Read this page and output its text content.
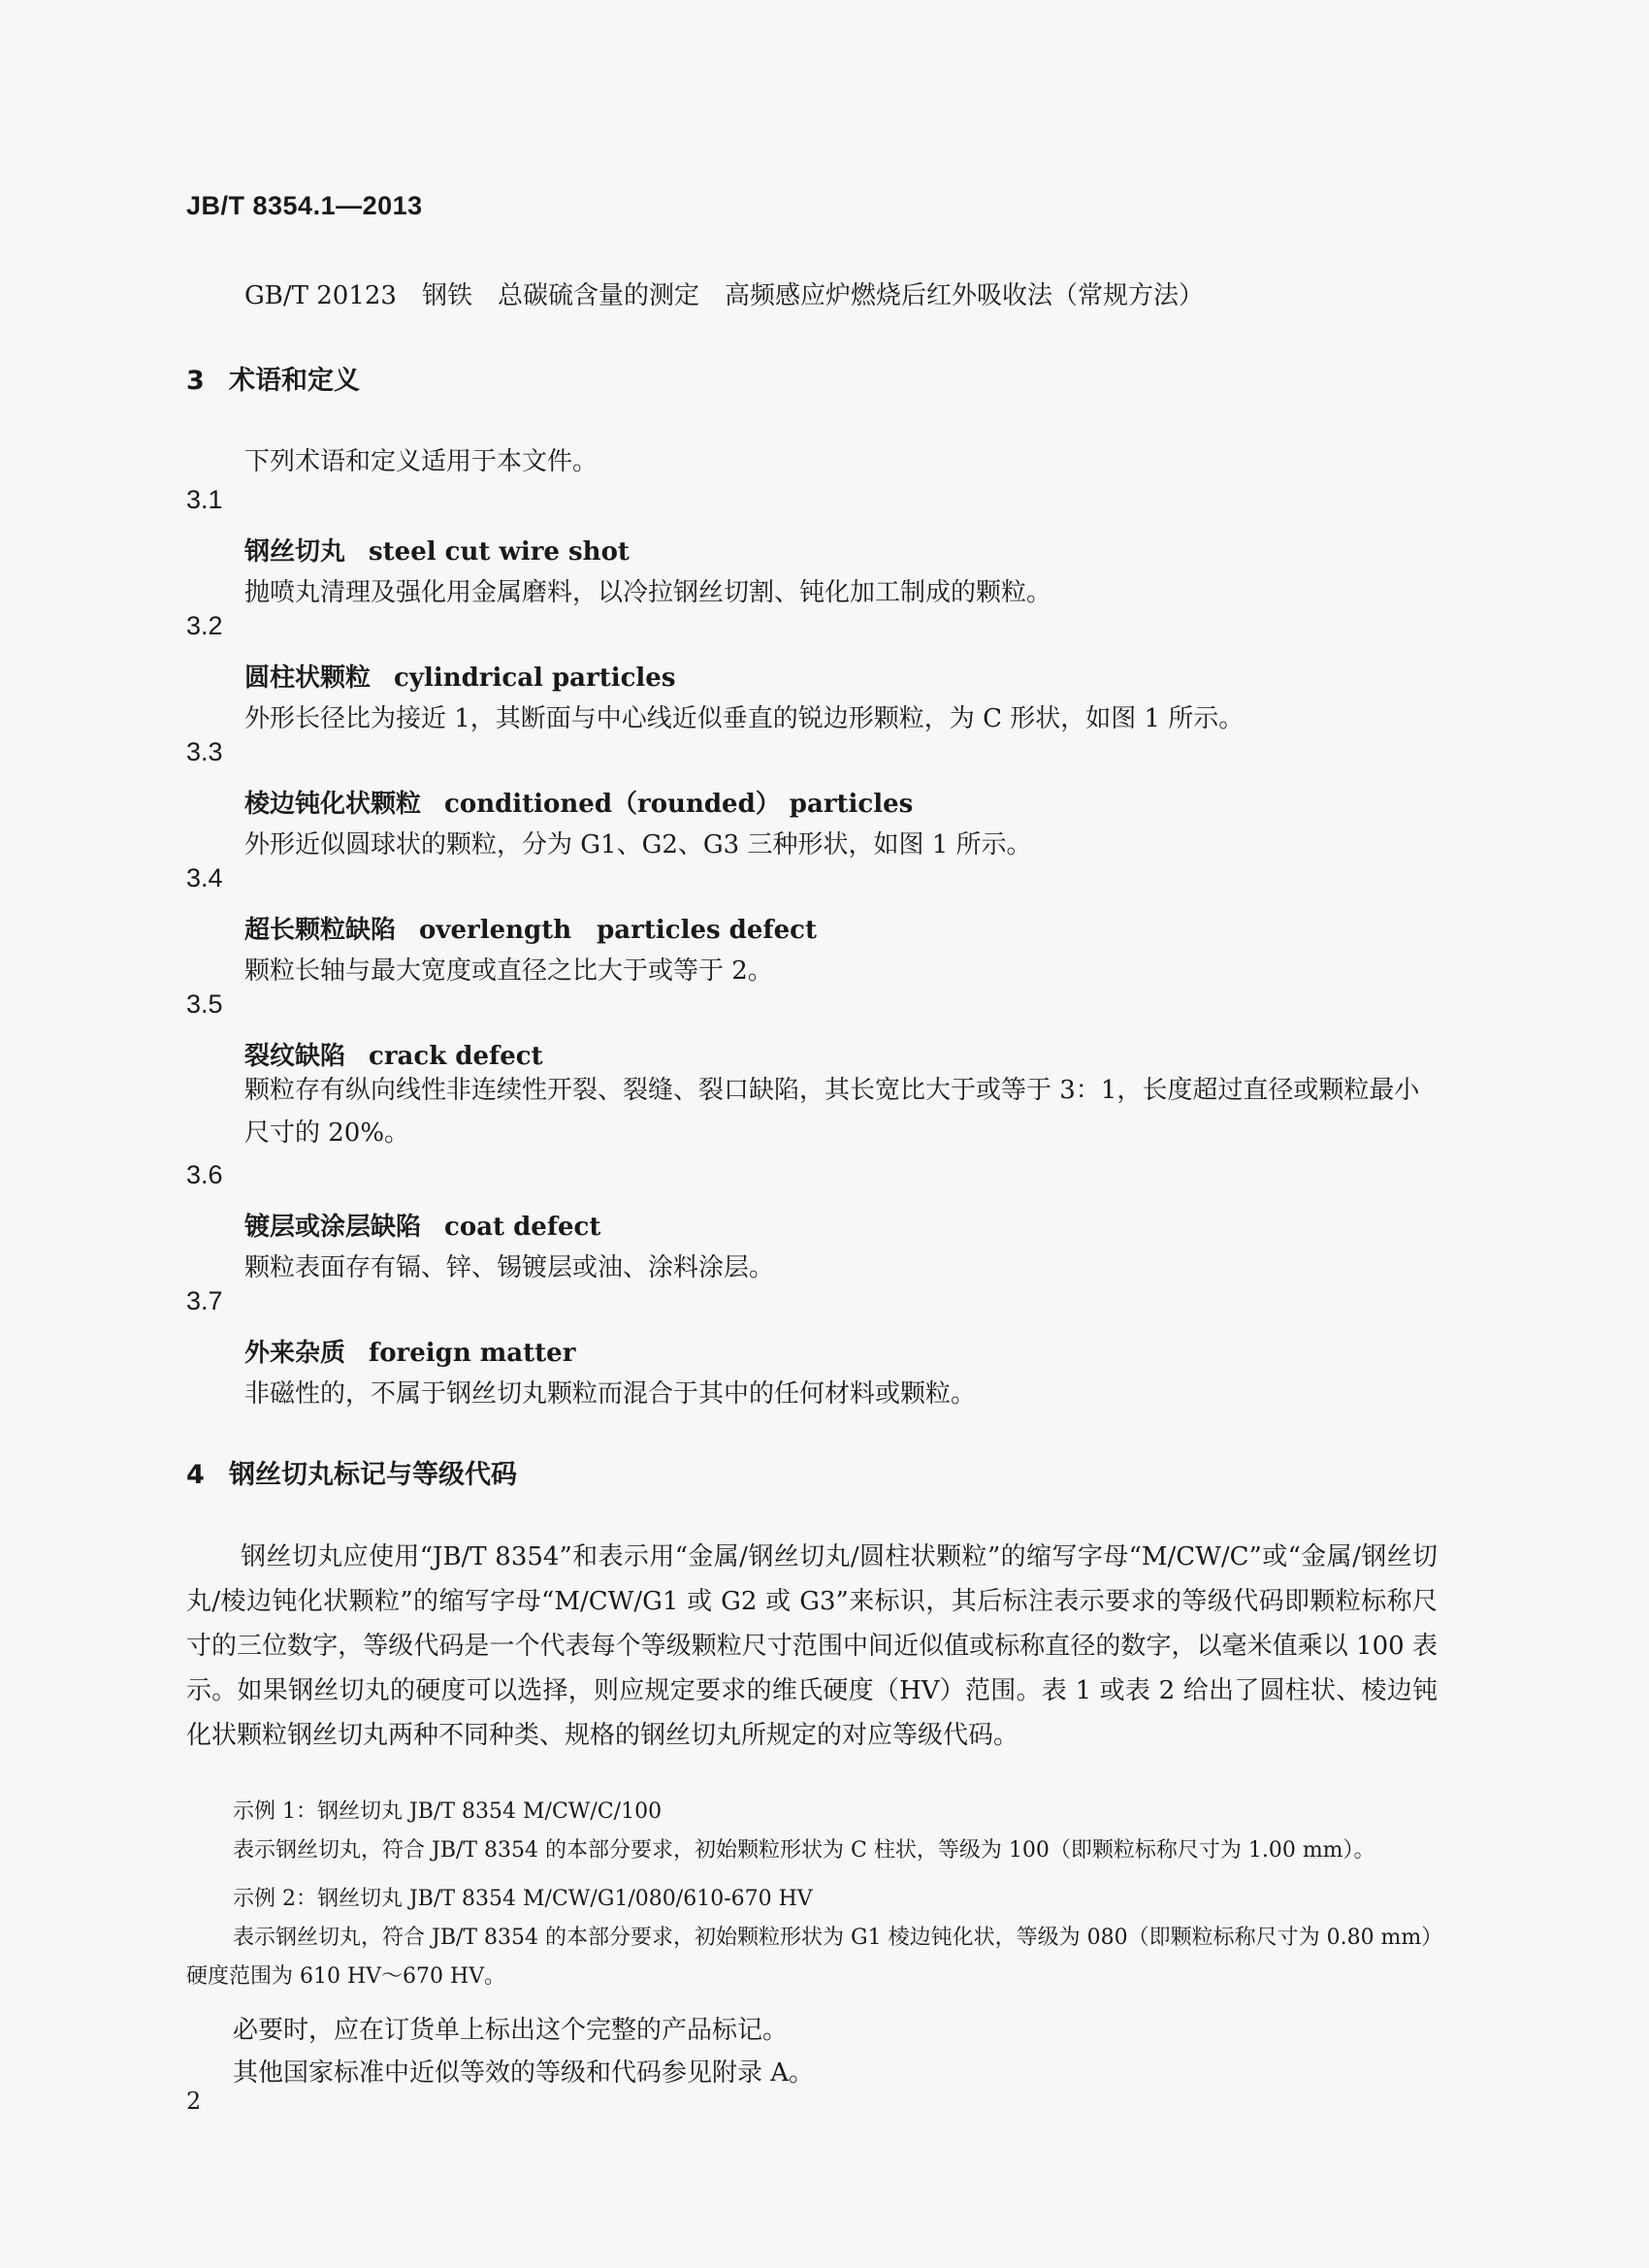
JB/T 8354.1—2013
GB/T 20123　钢铁　总碳硫含量的测定　高频感应炉燃烧后红外吸收法（常规方法）
3 术语和定义
下列术语和定义适用于本文件。
3.1
钢丝切丸 steel cut wire shot
抛喷丸清理及强化用金属磨料，以冷拉钢丝切割、钝化加工制成的颗粒。
3.2
圆柱状颗粒 cylindrical particles
外形长径比为接近 1，其断面与中心线近似垂直的锐边形颗粒，为 C 形状，如图 1 所示。
3.3
棱边钝化状颗粒 conditioned（rounded） particles
外形近似圆球状的颗粒，分为 G1、G2、G3 三种形状，如图 1 所示。
3.4
超长颗粒缺陷 overlength　particles defect
颗粒长轴与最大宽度或直径之比大于或等于 2。
3.5
裂纹缺陷 crack defect
颗粒存有纵向线性非连续性开裂、裂缝、裂口缺陷，其长宽比大于或等于 3：1，长度超过直径或颗粒最小尺寸的 20%。
3.6
镀层或涂层缺陷 coat defect
颗粒表面存有镉、锌、锡镀层或油、涂料涂层。
3.7
外来杂质 foreign matter
非磁性的，不属于钢丝切丸颗粒而混合于其中的任何材料或颗粒。
4 钢丝切丸标记与等级代码
钢丝切丸应使用“JB/T 8354”和表示用“金属/钢丝切丸/圆柱状颗粒”的缩写字母“M/CW/C”或“金属/钢丝切丸/棱边钝化状颗粒”的缩写字母“M/CW/G1 或 G2 或 G3”来标识，其后标注表示要求的等级代码即颗粒标称尺寸的三位数字，等级代码是一个代表每个等级颗粒尺寸范围中间近似值或标称直径的数字，以毫米值乘以 100 表示。如果钢丝切丸的硬度可以选择，则应规定要求的维氏硬度（HV）范围。表 1 或表 2 给出了圆柱状、棱边钝化状颗粒钢丝切丸两种不同种类、规格的钢丝切丸所规定的对应等级代码。
示例 1：钢丝切丸 JB/T 8354 M/CW/C/100
表示钢丝切丸，符合 JB/T 8354 的本部分要求，初始颗粒形状为 C 柱状，等级为 100（即颗粒标称尺寸为 1.00 mm）。
示例 2：钢丝切丸 JB/T 8354 M/CW/G1/080/610-670 HV
表示钢丝切丸，符合 JB/T 8354 的本部分要求，初始颗粒形状为 G1 棱边钝化状，等级为 080（即颗粒标称尺寸为 0.80 mm）硬度范围为 610 HV～670 HV。
必要时，应在订货单上标出这个完整的产品标记。
其他国家标准中近似等效的等级和代码参见附录 A。
2
